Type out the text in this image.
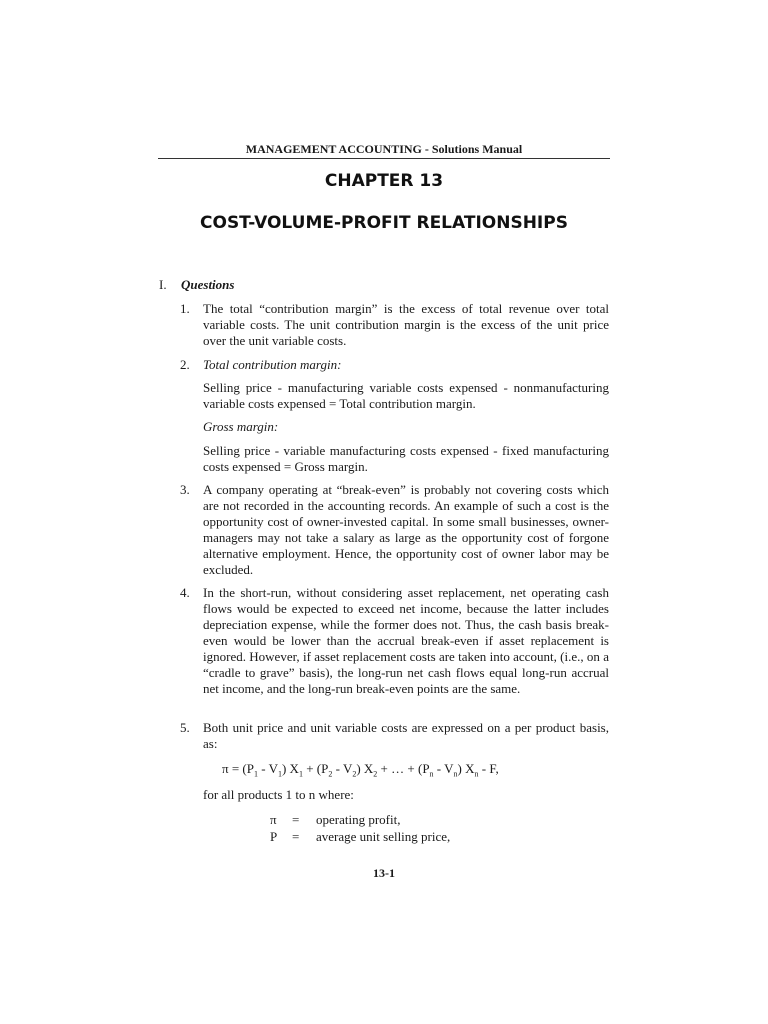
MANAGEMENT ACCOUNTING - Solutions Manual
CHAPTER 13
COST-VOLUME-PROFIT RELATIONSHIPS
I. Questions
1. The total “contribution margin” is the excess of total revenue over total variable costs. The unit contribution margin is the excess of the unit price over the unit variable costs.
2. Total contribution margin:
Selling price - manufacturing variable costs expensed - nonmanufacturing variable costs expensed = Total contribution margin.
Gross margin:
Selling price - variable manufacturing costs expensed - fixed manufacturing costs expensed = Gross margin.
3. A company operating at “break-even” is probably not covering costs which are not recorded in the accounting records. An example of such a cost is the opportunity cost of owner-invested capital. In some small businesses, owner-managers may not take a salary as large as the opportunity cost of forgone alternative employment. Hence, the opportunity cost of owner labor may be excluded.
4. In the short-run, without considering asset replacement, net operating cash flows would be expected to exceed net income, because the latter includes depreciation expense, while the former does not. Thus, the cash basis break-even would be lower than the accrual break-even if asset replacement is ignored. However, if asset replacement costs are taken into account, (i.e., on a “cradle to grave” basis), the long-run net cash flows equal long-run accrual net income, and the long-run break-even points are the same.
5. Both unit price and unit variable costs are expressed on a per product basis, as:
$\pi = (P_1 - V_1) X_1 + (P_2 - V_2) X_2$ + … + $(P_n - V_n)$ $X_n$ - F,
for all products 1 to n where:
π = operating profit,
P = average unit selling price,
13-1
